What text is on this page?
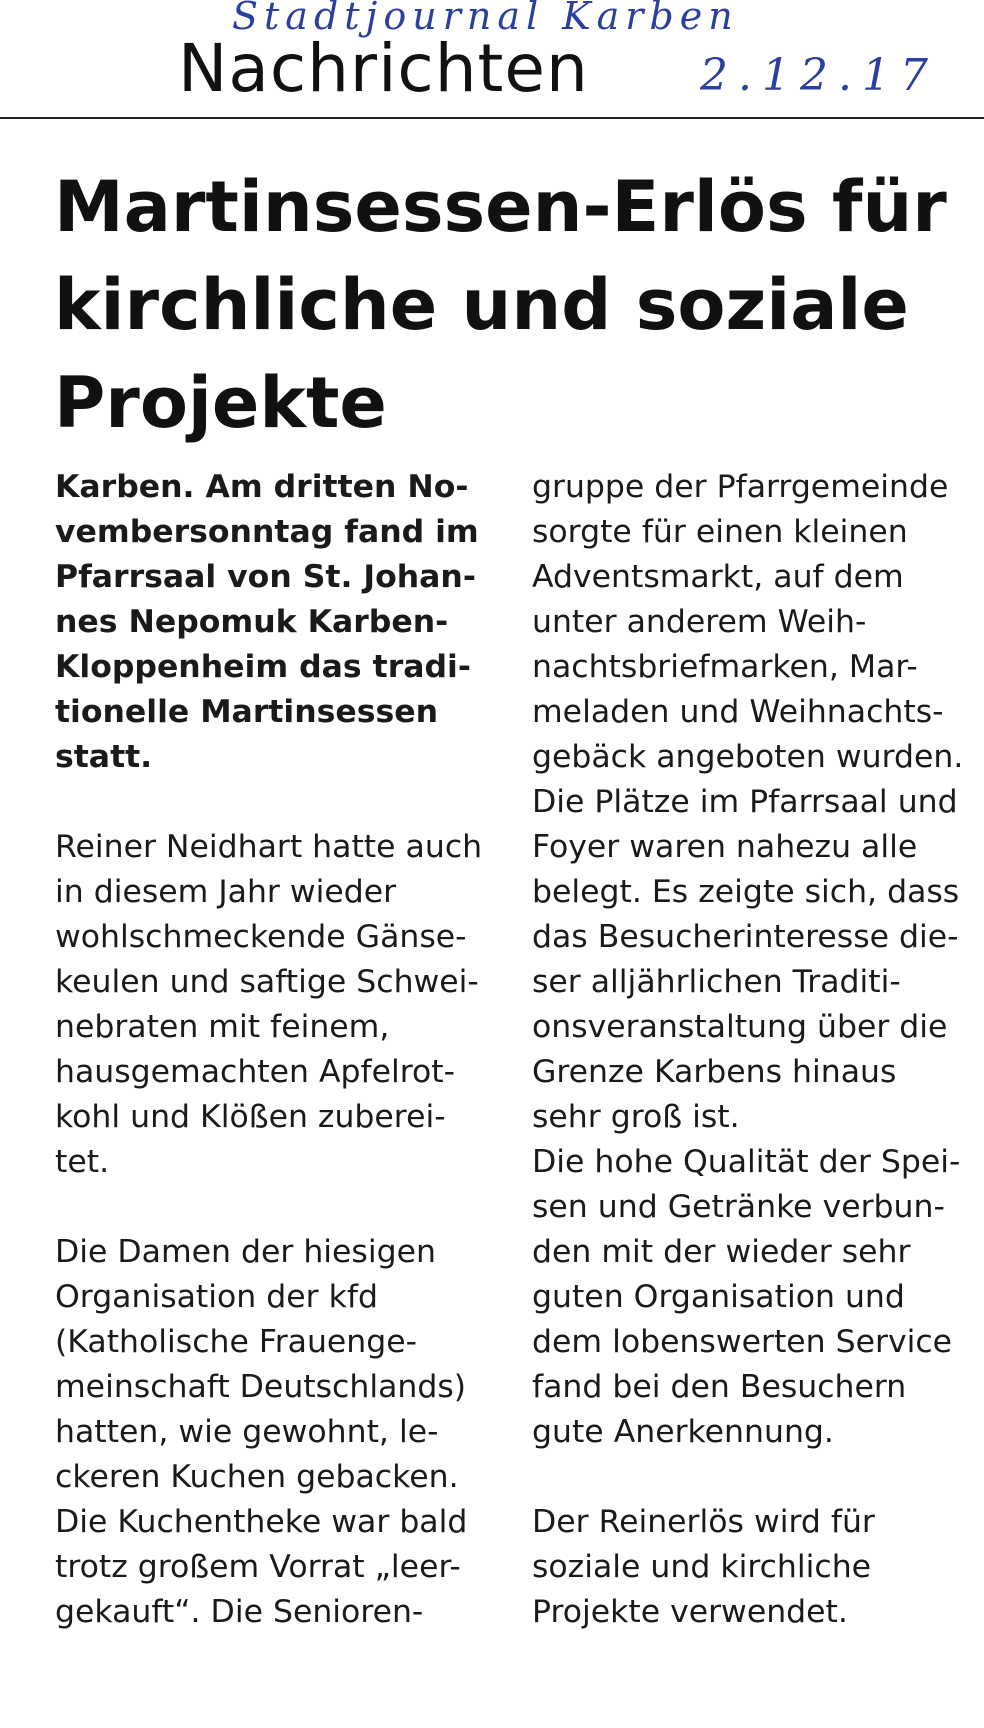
Stadtjournal Karben
Nachrichten	2.12.17
Martinsessen-Erlös für
kirchliche und soziale
Projekte
Karben. Am dritten No-
vembersonntag fand im
Pfarrsaal von St. Johan-
nes Nepomuk Karben-
Kloppenheim das tradi-
tionelle Martinsessen
statt.
Reiner Neidhart hatte auch
in diesem Jahr wieder
wohlschmeckende Gänse-
keulen und saftige Schwei-
nebraten mit feinem,
hausgemachten Apfelrot-
kohl und Klößen zuberei-
tet.
Die Damen der hiesigen
Organisation der kfd
(Katholische Frauenge-
meinschaft Deutschlands)
hatten, wie gewohnt, le-
ckeren Kuchen gebacken.
Die Kuchentheke war bald
trotz großem Vorrat „leer-
gekauft“. Die Senioren-
gruppe der Pfarrgemeinde
sorgte für einen kleinen
Adventsmarkt, auf dem
unter anderem Weih-
nachtsbriefmarken, Mar-
meladen und Weihnachts-
gebäck angeboten wurden.
Die Plätze im Pfarrsaal und
Foyer waren nahezu alle
belegt. Es zeigte sich, dass
das Besucherinteresse die-
ser alljährlichen Traditi-
onsveranstaltung über die
Grenze Karbens hinaus
sehr groß ist.
Die hohe Qualität der Spei-
sen und Getränke verbun-
den mit der wieder sehr
guten Organisation und
dem lobenswerten Service
fand bei den Besuchern
gute Anerkennung.
Der Reinerlös wird für
soziale und kirchliche
Projekte verwendet.
